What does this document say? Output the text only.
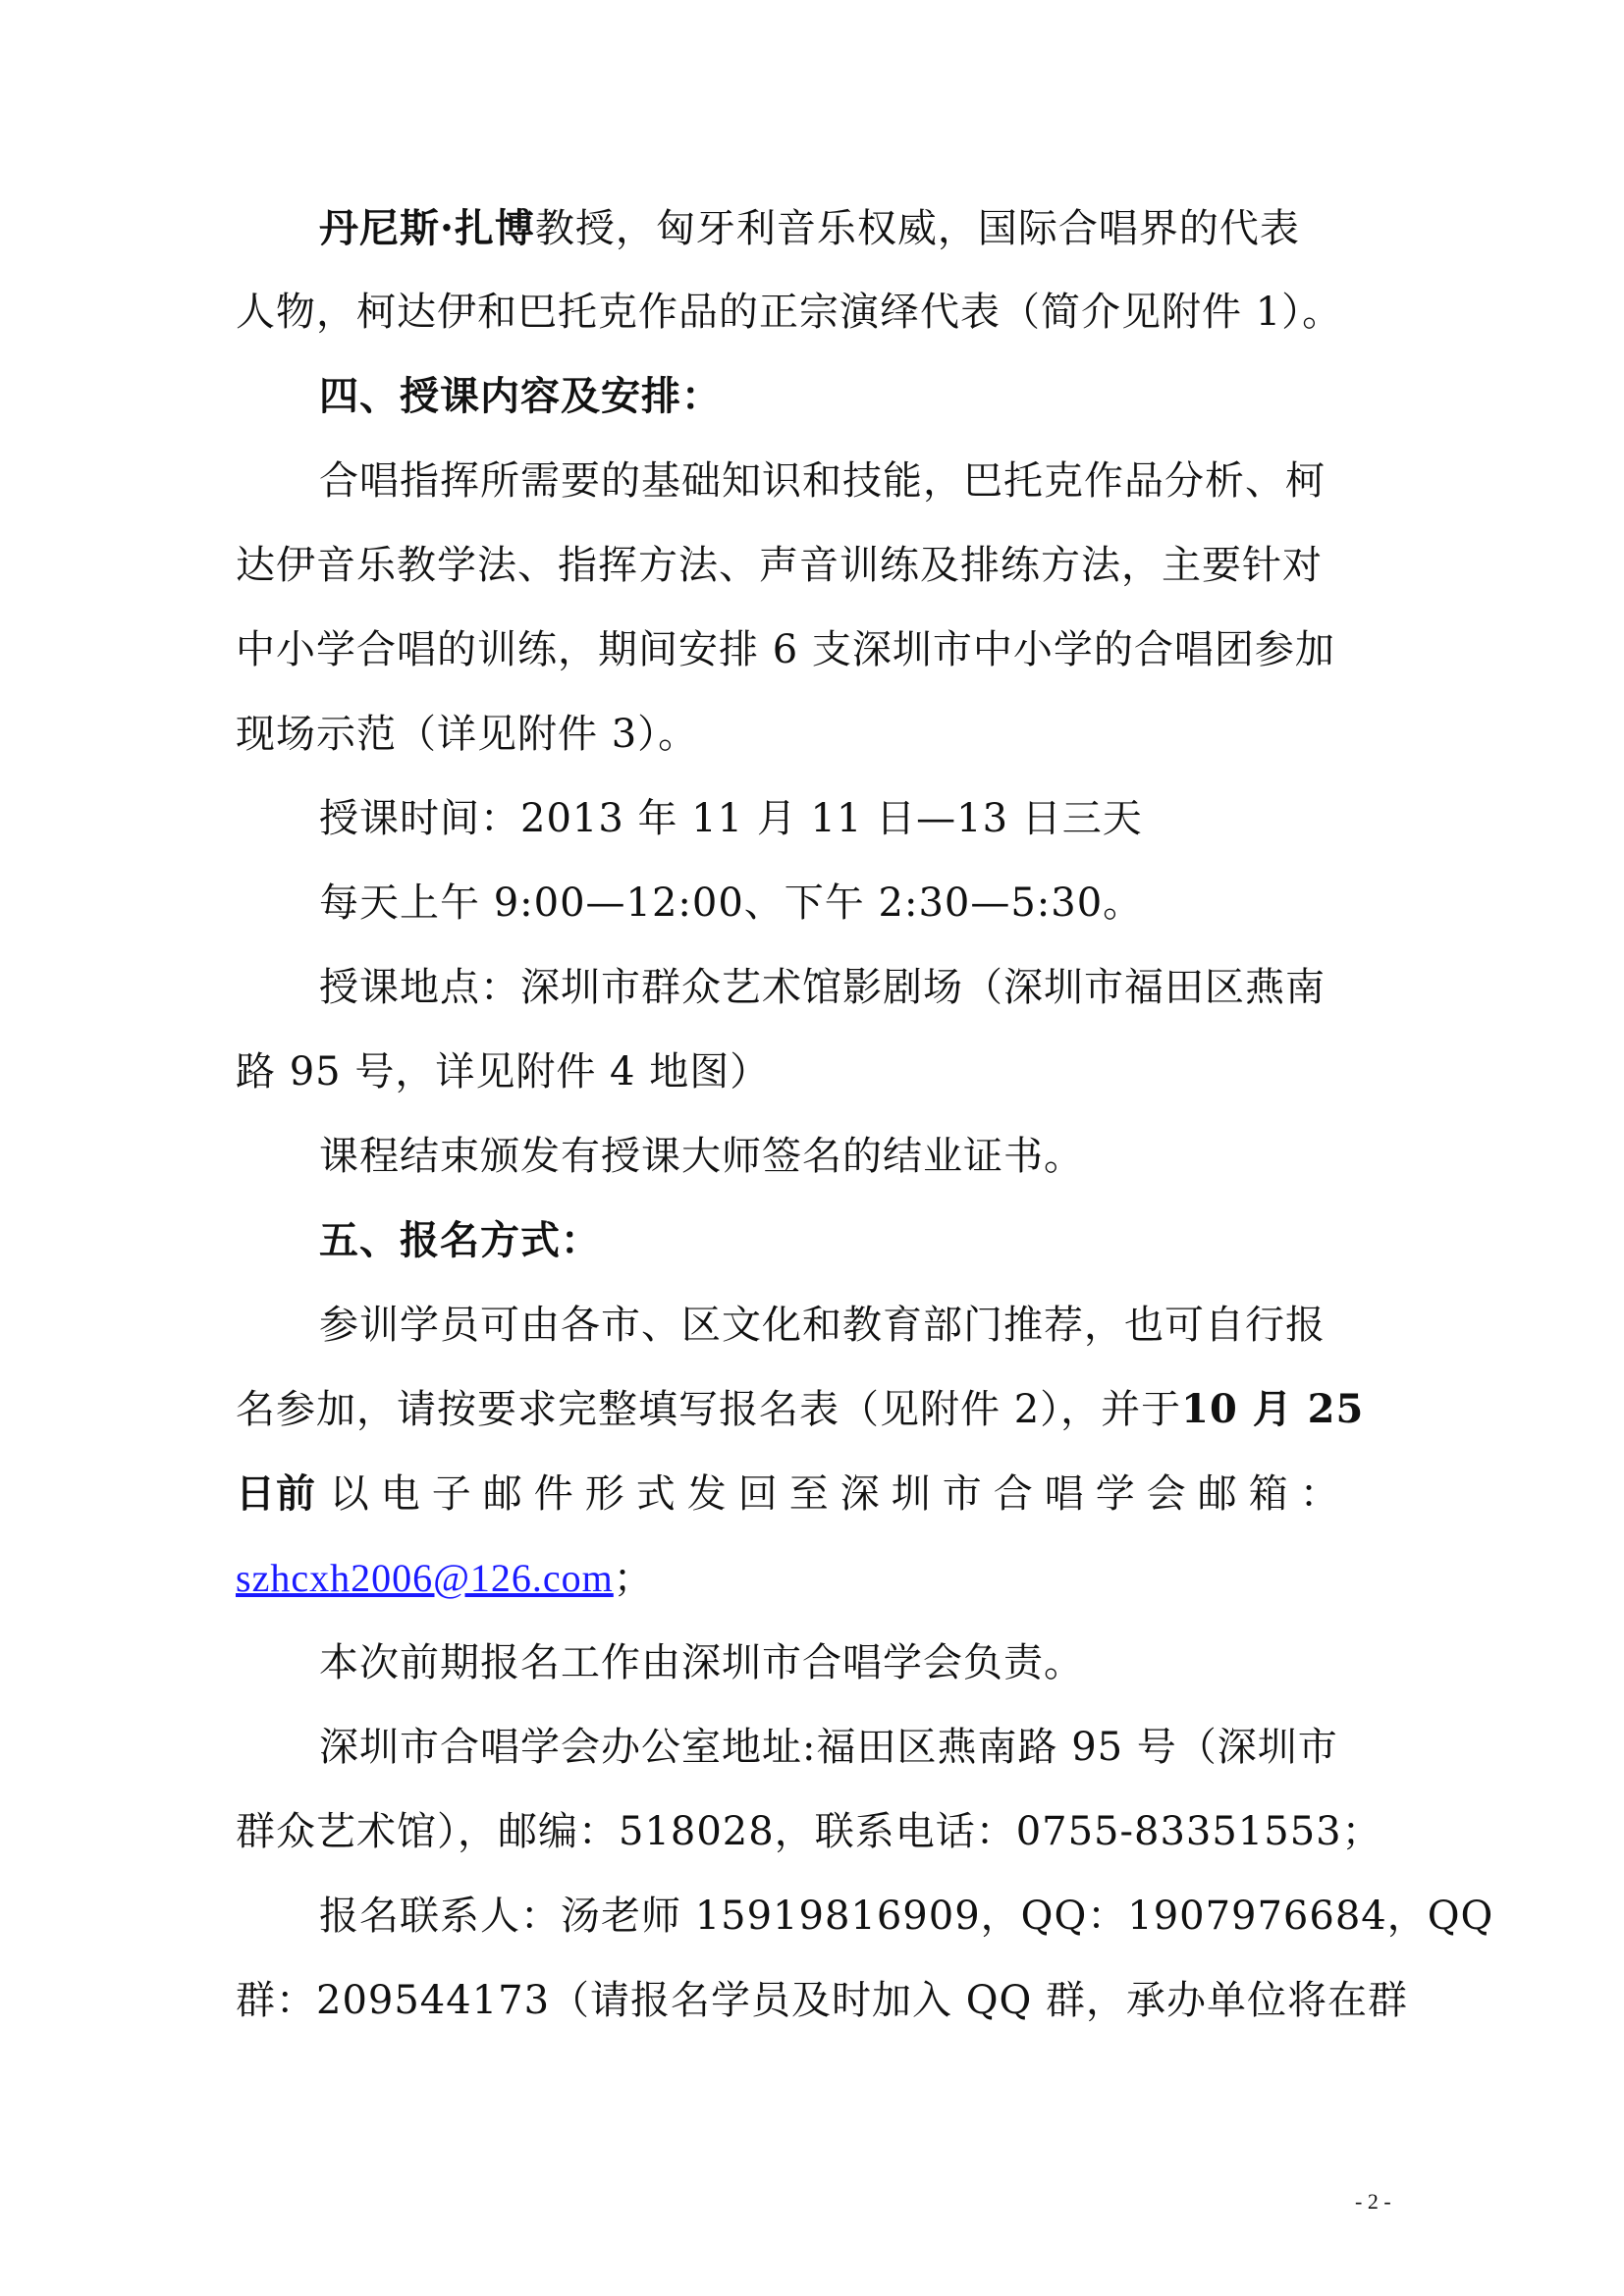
丹尼斯·扎博教授，匈牙利音乐权威，国际合唱界的代表
人物，柯达伊和巴托克作品的正宗演绎代表（简介见附件 1）。
四、授课内容及安排：
合唱指挥所需要的基础知识和技能，巴托克作品分析、柯
达伊音乐教学法、指挥方法、声音训练及排练方法，主要针对
中小学合唱的训练，期间安排 6 支深圳市中小学的合唱团参加
现场示范（详见附件 3）。
授课时间：2013 年 11 月 11 日—13 日三天
每天上午 9:00—12:00、下午 2:30—5:30。
授课地点：深圳市群众艺术馆影剧场（深圳市福田区燕南
路 95 号，详见附件 4 地图）
课程结束颁发有授课大师签名的结业证书。
五、报名方式：
参训学员可由各市、区文化和教育部门推荐，也可自行报
名参加，请按要求完整填写报名表（见附件 2），并于10 月 25
日前 以电子邮件形式发回至深圳市合唱学会邮箱：
szhcxh2006@126.com；
本次前期报名工作由深圳市合唱学会负责。
深圳市合唱学会办公室地址:福田区燕南路 95 号（深圳市
群众艺术馆），邮编：518028，联系电话：0755-83351553；
报名联系人：汤老师 15919816909，QQ：1907976684，QQ
群：209544173（请报名学员及时加入 QQ 群，承办单位将在群
- 2 -
